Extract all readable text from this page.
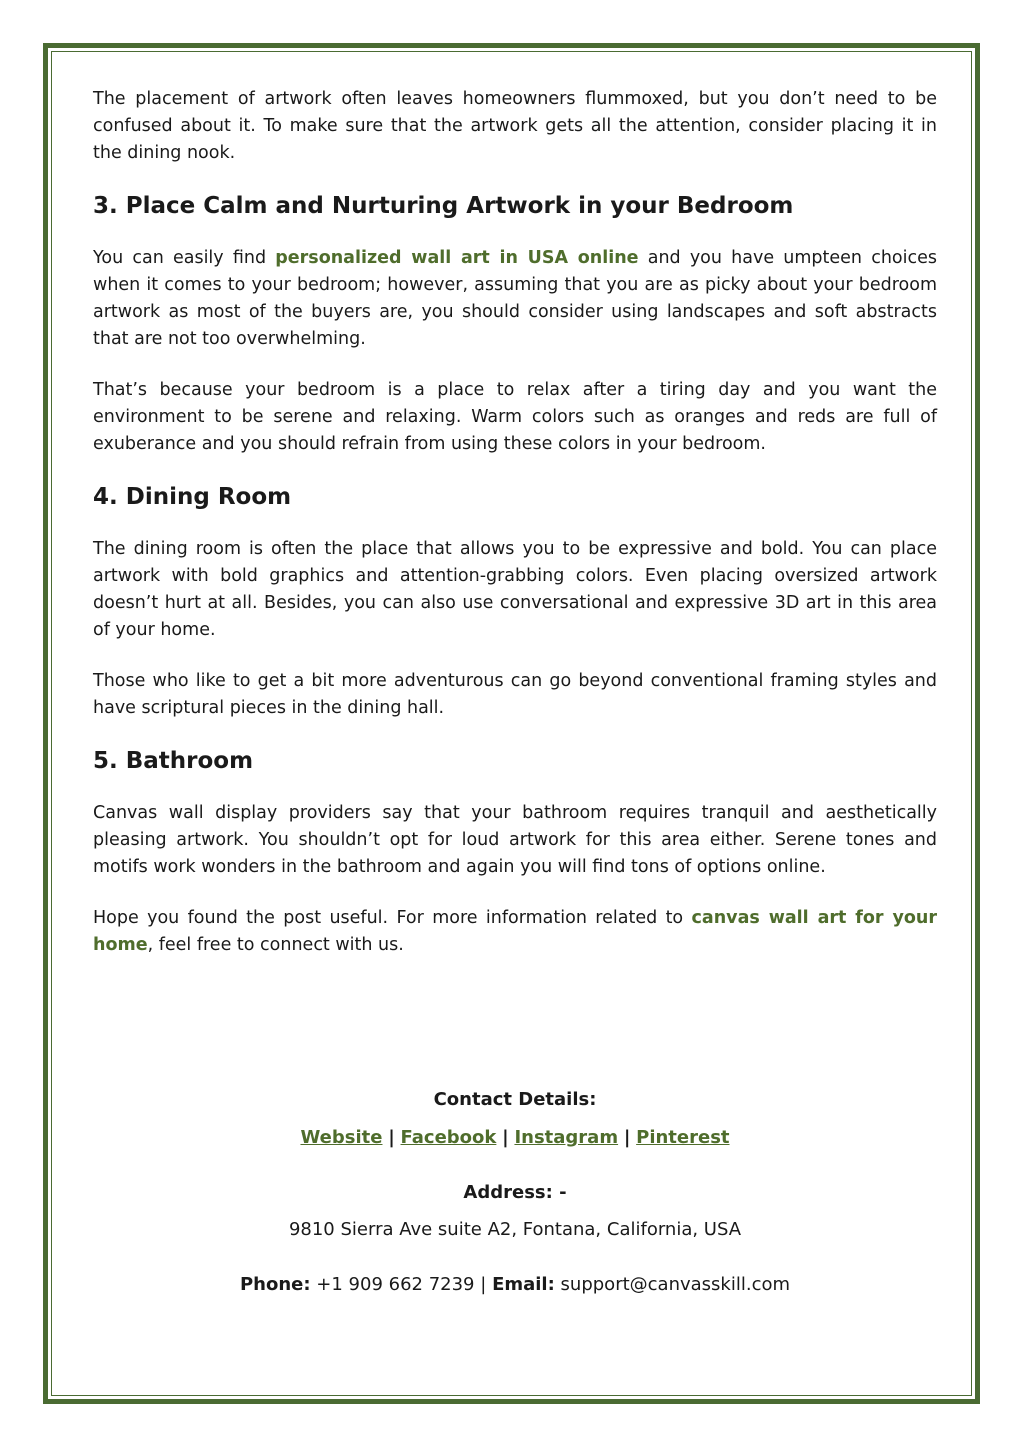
The placement of artwork often leaves homeowners flummoxed, but you don’t need to be confused about it. To make sure that the artwork gets all the attention, consider placing it in the dining nook.

3. Place Calm and Nurturing Artwork in your Bedroom

You can easily find personalized wall art in USA online and you have umpteen choices when it comes to your bedroom; however, assuming that you are as picky about your bedroom artwork as most of the buyers are, you should consider using landscapes and soft abstracts that are not too overwhelming.

That’s because your bedroom is a place to relax after a tiring day and you want the environment to be serene and relaxing. Warm colors such as oranges and reds are full of exuberance and you should refrain from using these colors in your bedroom.

4. Dining Room

The dining room is often the place that allows you to be expressive and bold. You can place artwork with bold graphics and attention-grabbing colors. Even placing oversized artwork doesn’t hurt at all. Besides, you can also use conversational and expressive 3D art in this area of your home.

Those who like to get a bit more adventurous can go beyond conventional framing styles and have scriptural pieces in the dining hall.

5. Bathroom

Canvas wall display providers say that your bathroom requires tranquil and aesthetically pleasing artwork. You shouldn’t opt for loud artwork for this area either. Serene tones and motifs work wonders in the bathroom and again you will find tons of options online.

Hope you found the post useful. For more information related to canvas wall art for your home, feel free to connect with us.

Contact Details:
Website | Facebook | Instagram | Pinterest
Address: -
9810 Sierra Ave suite A2, Fontana, California, USA
Phone: +1 909 662 7239 | Email: support@canvasskill.com
